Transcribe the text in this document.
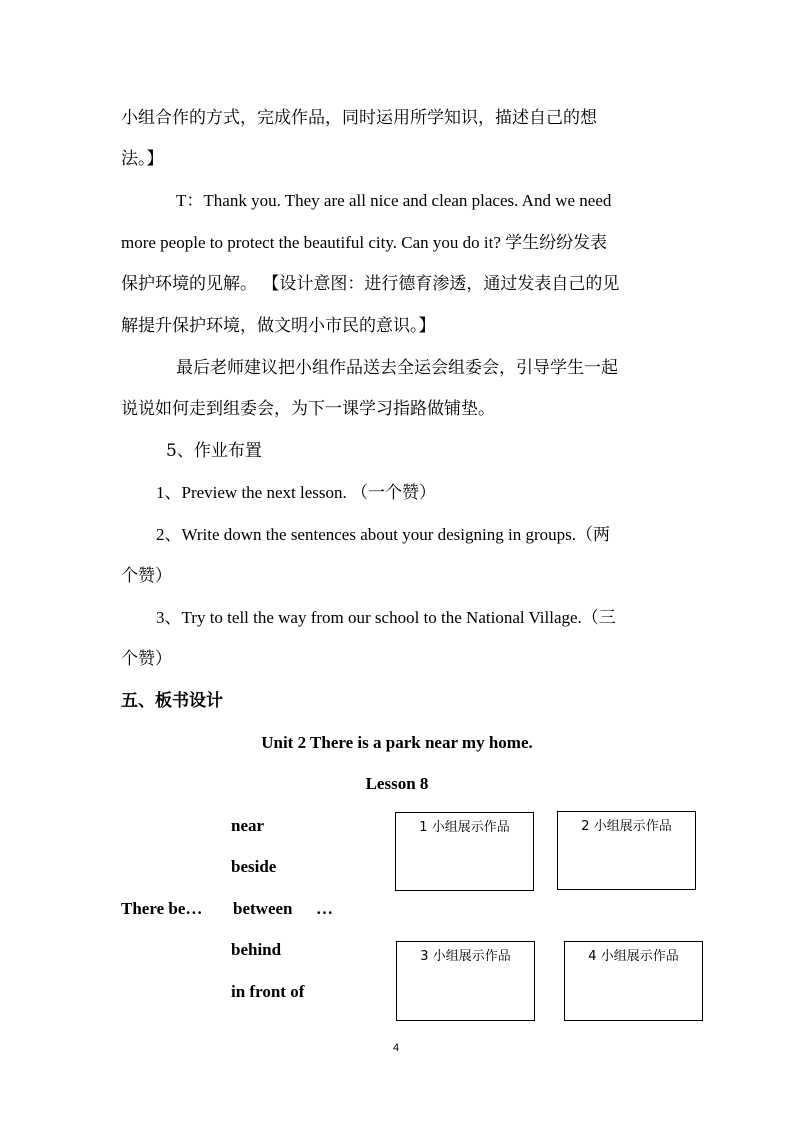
小组合作的方式，完成作品，同时运用所学知识，描述自己的想
法。】
T：Thank you. They are all nice and clean places. And we need
more people to protect the beautiful city. Can you do it? 学生纷纷发表
保护环境的见解。 【设计意图：进行德育渗透，通过发表自己的见
解提升保护环境，做文明小市民的意识。】
最后老师建议把小组作品送去全运会组委会，引导学生一起
说说如何走到组委会，为下一课学习指路做铺垫。
5、作业布置
1、Preview the next lesson. （一个赞）
2、Write down the sentences about your designing in groups.（两
个赞）
3、Try to tell the way from our school to the National Village.（三
个赞）
五、板书设计
Unit 2 There is a park near my home.
Lesson 8
near
beside
There be… between …
behind
in front of
1 小组展示作品	2 小组展示作品
3 小组展示作品	4 小组展示作品
4
